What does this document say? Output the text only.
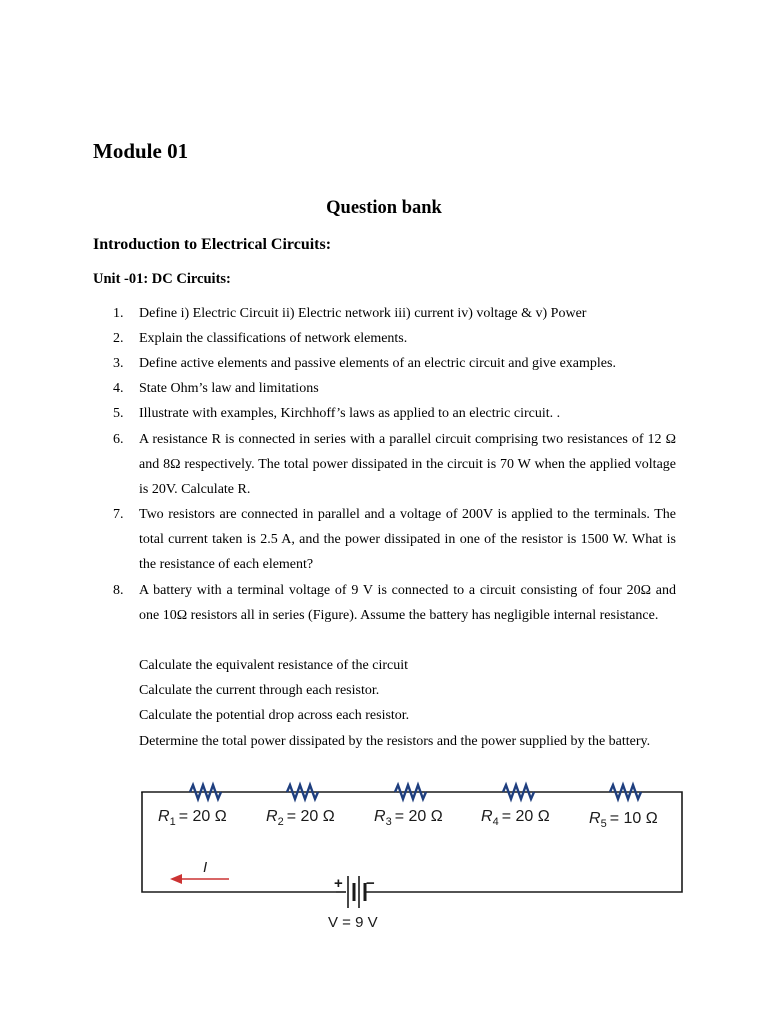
Module 01
Question bank
Introduction to Electrical Circuits:
Unit -01: DC Circuits:
1. Define i) Electric Circuit ii) Electric network iii) current iv) voltage & v) Power
2. Explain the classifications of network elements.
3. Define active elements and passive elements of an electric circuit and give examples.
4. State Ohm’s law and limitations
5. Illustrate with examples, Kirchhoff’s laws as applied to an electric circuit. .
6. A resistance R is connected in series with a parallel circuit comprising two resistances of 12 Ω and 8Ω respectively. The total power dissipated in the circuit is 70 W when the applied voltage is 20V. Calculate R.
7. Two resistors are connected in parallel and a voltage of 200V is applied to the terminals. The total current taken is 2.5 A, and the power dissipated in one of the resistor is 1500 W. What is the resistance of each element?
8. A battery with a terminal voltage of 9 V is connected to a circuit consisting of four 20Ω and one 10Ω resistors all in series (Figure). Assume the battery has negligible internal resistance.
Calculate the equivalent resistance of the circuit
Calculate the current through each resistor.
Calculate the potential drop across each resistor.
Determine the total power dissipated by the resistors and the power supplied by the battery.
$R_1 = 20$ Ω $R_2 = 20$ Ω $R_3 = 20$ Ω $R_4 = 20$ Ω $R_5 = 10$ Ω
I
+ −
V = 9 V
